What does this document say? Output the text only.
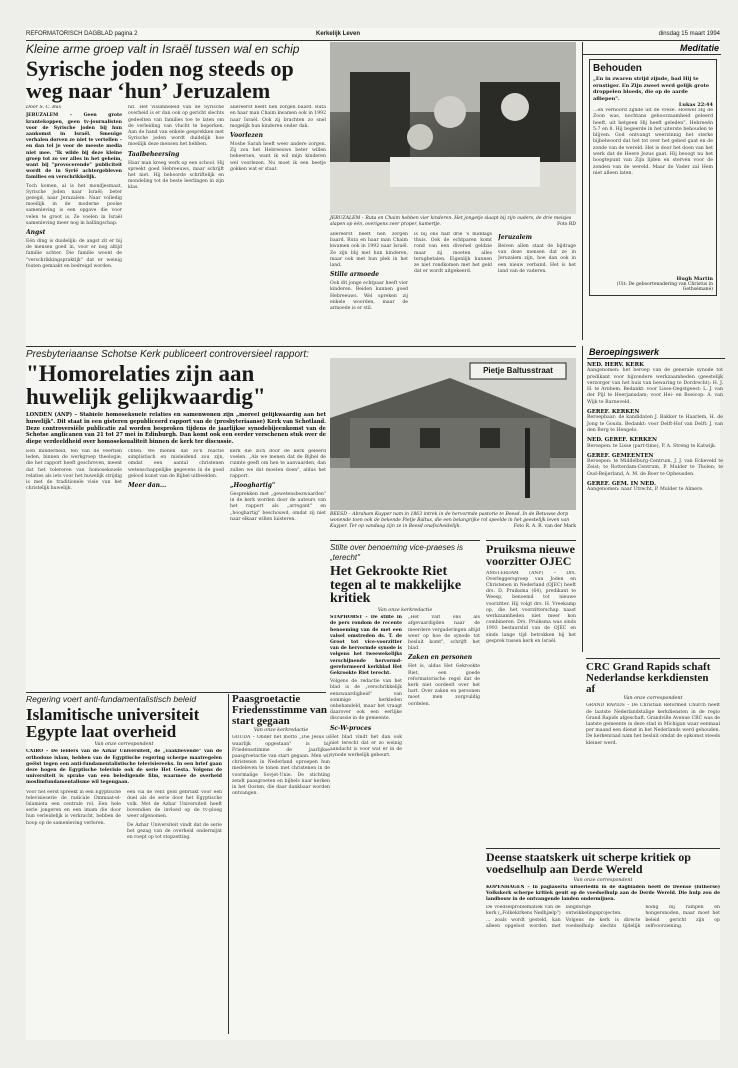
REFORMATORISCH DAGBLAD pagina 2	Kerkelijk Leven	dinsdag 15 maart 1994
Kleine arme groep valt in Israël tussen wal en schip
Syrische joden nog steeds op weg naar ‘hun’ Jeruzalem

Door S. C. Bax

JERUZALEM – Geen grote krantekoppen, geen tv-journalisten voor de Syrische joden bij hun aankomst in Israël. Smeuïge verhalen dorven ze niet te vertellen – en dan tel je voor de meeste media niet mee. "Ik wilde bij deze kleine groep tot zo ver alles in het geheim, want bij "provocerende" publiciteit wordt de in Syrië achtergebleven families en verschrikkelijk.

Toch komen, al is het mondjesmaat, Syrische joden naar Israël; beter gezegd, naar Jeruzalem. Naar volledig moeilijk in de moderne poolse samenleving is een opgave die voor velen te groot is. Ze voelen in Israël samenleving meer nog in ballingschap.

Angst

Eén ding is duidelijk: de angst zit er bij de mensen goed in, voor er nog altijd familie achter. Die familie woont de "verschrikkingspraktijk" dat er weinig fouten gemaakt en bedreigd worden.

nit. Het visumbeleid van de Syrische overheid is er dan ook op gericht slechts gedeelten van families toe te laten om de verleiding van vlucht te beperken. Aan de hand van enkele gesprekken met Syrische joden wordt duidelijk hoe moeilijk deze mensen het hebben.

Taalbeheersing

Haar man kreeg werk op een school. Hij spreekt goed Hebreeuws, maar schrijft het niet. Hij behoorde schriftelijk en mondeling tot de beste leerlingen in zijn klas.

allereerst heeft hen zorgen baard. Ruta en haar man Chaim kwamen ook in 1992 naar Israël. Ook zij brachten zo snel mogelijk hun kinderen onder dak.

Voorlezen

Moshe Sarah heeft weer andere zorgen. Zij zou het Hebreeuws beter willen beheersen, want ik wil mijn kinderen wel voorlezen. Nu moet ik een beetje gokken wat er staat.

JERUZALEM – Ruta en Chaim hebben vier kinderen. Het jongetje slaapt bij zijn ouders, de drie meisjes slapen op één, overigens zeer proper, kamertje.	Foto RD

allereerst heeft hen zorgen baard. Ruta en haar man Chaim kwamen ook in 1992 naar Israël. Ze zijn blij met hun kinderen, maar ook met hun plek in het land.

Stille armoede

Ook dit jonge echtpaar heeft vier kinderen. Beiden kunnen goed Hebreeuws. Wel spreken zij enkele woorden, maar de armoede is er stil.

is bij ons half drie 's middags thuis. Ook de echtparen komt rond van een diversel geldzie maar zij moeten alles terugbetalen. Eigenlijk kunnen ze niet rondkomen met het geld dat er wordt uitgekeerd.

Jeruzalem

Beiven allen staat de bijdrage van deze mensen dat ze in Jeruzalem zijn, hoe dan ook in een nieuw verband. Het is het land van de vaderen.

Meditatie
Behouden
„En in zwaren strijd zijnde, bad Hij te ernstiger. En Zijn zweet werd gelijk grote droppelen bloeds, die op de aarde afliepen".
Lukas 22:44
...en verhoord zijnde uit de vreze. Hoewel Hij de Zoon was, nochtans gehoorzaamheid geleerd heeft, uit hetgeen Hij heeft geleden", Hebreeën 5:7 en 8. Hij begeerde in het uiterste behouden te blijven. God ontvangt weerzinnig het sterke bijbelwoord dat het tot over het gebed gaat en de zonde van de wereld. Het is door het doen van het werk dat de Heere Jezus gaat. Hij beoogt nu het hoogtepunt van Zijn lijden en sterven voor de zonden van de wereld. Maar de Vader zal Hem niet alleen laten.
Hugh Martin
(Uit: De geboortenadering van Christus in Gethsémané)
Beroepingswerk
NED. HERV. KERK
Aangenomen: het beroep van de generale synode tot predikant voor bijzondere werkzaamheden (geestelijk verzorger van het huis van bewaring te Dordrecht): H. J. H. te Arnhem. Bedankt: voor Lisse-Oegstgeest: L. J. van der Pijl te Heerjansdam; voor Hei- en Boeicop: A. van Wijk te Barneveld.
GEREF. KERKEN
Beroepbaar: de kandidaten J. Bakker te Haarlem, H. de Jong te Gouda. Bedankt: voor Delft-Hof van Delft: J. van den Berg te Hengelo.
NED. GEREF. KERKEN
Beroepen: te Lisse (part-time), P. A. Streng te Katwijk.
GEREF. GEMEENTEN
Beroepen: te Middelburg-Centrum, J. J. van Eckeveld te Zeist; te Rotterdam-Centrum, P. Mulder te Tholen; te Oud-Beijerland, A. M. de Boer te Opheusden.
GEREF. GEM. IN NED.
Aangenomen: naar Utrecht, P. Mulder te Almere.
Presbyteriaanse Schotse Kerk publiceert controversieel rapport:
"Homorelaties zijn aan huwelijk gelijkwaardig"
LONDEN (ANP) – Stabiele homoseksuele relaties en samenwonen zijn „moreel gelijkwaardig aan het huwelijk". Dit staat in een gisteren gepubliceerd rapport van de (presbyteriaanse) Kerk van Schotland. Deze controversiële publicatie zal worden besproken tijdens de jaarlijkse synodebijeenkomst van de Schotse anglicanen van 21 tot 27 mei in Edinburgh. Dan komt ook een eerder verschenen stuk over de diepe verdeeldheid over homoseksualiteit binnen de kerk ter discussie.

Een minderheid, ten van de veertien leden, binnen de werkgroep theologie, die het rapport heeft geschreven, meent dat het tolereren van homoseksuele relaties als iets voor het huwelijk strijdig is met de traditionele visie van het christelijk huwelijk.

chten. We menen dat zo'n reactie simplistisch en misleidend zou zijn, omdat een aantal christenen wetenschappelijke gegevens in de goed gelood kunst van de Bijbel uitbeelden.

Meer dan...

kerk die zich door de kerk geleerd voelen. „Als we menen dat de Bijbel de ruimte geeft om hen te aanvaarden, dan zullen we dat moeten doen", aldus het rapport.

„Hooghartig"

Gesprekken met „gewetensbezwaarden" in de kerk worden door de auteurs van het rapport als „arrogant" en „hooghartig" beschouwd, omdat zij niet naar elkaar willen luisteren.

Pietje Baltusstraat
BEESD – Abraham Kuyper nam in 1863 intrek in de hervormde pastorie te Beesd. In de Betuwse dorp wonende toen ook de bekende Pietje Baltus, die een belangrijke rol speelde in het geestelijk leven van Kuyper. Ter op vandaag zijn ze in Beesd onafscheidelijk.	Foto R. A. R. van der Mark
Stilte over benoeming vice-praeses is „terecht"
Het Gekrookte Riet tegen al te makkelijke kritiek
Van onze kerkredactie

STAPHORST – De stilte in de pers rondom de recente benoeming van de met een valsel omstreden ds. T. de Groot tot vice-voorzitter van de hervormde synode is volgens het tweewekelijks verschijnende hervormd-gereformeerd kerkblad Het Gekrookte Riet terecht.

Volgens de redactie van het blad is de „verschrikkelijk eenzwaardigheid" van sommige kerkleden onbehandeld, maar het vraagt daarover ook een eerlijke discussie in de gemeente.

Sc-W-proces

Het blad vindt het dan ook niet terecht dat er zo weinig aandacht is voor wat er in de synode werkelijk gebeurt.

„Het valt ons als afgevaardigden naar de meerdere vergaderingen altijd weer op hoe de synode tot besluit komt", schrijft het blad.

Zaken en personen

Het is, aldus Het Gekrookte Riet, een goede reformatorische regel dat de kerk niet oordeelt over het hart. Over zaken en personen moet men zorgvuldig oordelen.

Pruiksma nieuwe voorzitter OJEC
AMSTERDAM (ANP) – Drs. Overleggersgroep van Joden en Christenen in Nederland (OJEC) heeft drs. D. Pruiksma (64), predikant te Weesp, benoemd tot nieuwe voorzitter. Hij volgt drs. H. Vreekamp op, die het voorzitterschap naast werkzaamheden niet meer kon combineren. Drs. Pruiksma was sinds 1993 bestuurslid van de OJEC en sinds lange tijd betrokken bij het gesprek tussen kerk en Israël.
CRC Grand Rapids schaft Nederlandse kerkdiensten af
Van onze correspondent
GRAND RAPIDS – De Christian Reformed Church heeft de laatste Nederlandstalige kerkdiensten in de regio Grand Rapids afgeschaft. Grandville Avenue CRC was de laatste gemeente in deze stad in Michigan waar eenmaal per maand een dienst in het Nederlands werd gehouden. De kerkenraad nam het besluit omdat de opkomst steeds kleiner werd.
Regering voert anti-fundamentalistisch beleid
Islamitische universiteit Egypte laat overheid
Van onze correspondent
CAIRO – De leiders van de Azhar Universiteit, de „vaaklievende" van de orthodoxe islam, hebben van de Egyptische regering scherpe maatregelen geëist tegen een anti-fundamentalistische televisiereeks. In een brief gaan deze hogen de Egyptische televisie ook de serie Het Gesta. Volgens de universiteit is sprake van een beledigende film, waarmee de overheid moslimfundamentalisme wil tegengaan.

Voor het eerst spreekt in een Egyptische televisieserie de radicale Ommaat-el-Islamieta een centrale rol. Een hele serie jongeren en een imam die door hun verleidelijk is verkracht, hebben de hoop op de samenleving verloren.

een via de vent geld gebruikt voor een duel als de serie door het Egyptische volk. Met de Azhar Universiteit heeft bovendien de invloed op de tv-ploeg weer afgenomen.

De Azhar Universiteit vindt dat de serie het gezag van de overheid ondermijnt en roept op tot stopzetting.

Paasgroetactie Friedensstimme van start gegaan
Van onze kerkredactie
GOUDA – Onder het motto „Die Jesus is waarlijk opgestaan" is bij Friedensstimme de jaarlijkse paasgroetactie van start gegaan. Men wil christenen in Nederland oproepen hun medeleven te tonen met christenen in de voormalige Sovjet-Unie. De stichting zendt paasgroeten en bijbels naar kerken in het Oosten, die daar dankbaar worden ontvangen.
Deense staatskerk uit scherpe kritiek op voedselhulp aan Derde Wereld
Van onze correspondent
KOPENHAGEN – In pagiaseria uitoeriedin in de dagbladen heeft de Deense (lutherse) Volkskerk scherpe kritiek geuit op de voedselhulp aan de Derde Wereld. Die hulp zou de landbouw in de ontvangende landen ondermijnen.
De voedselproblematiek van de kerk („Folkekirkens Nødhjælp") ... zoals wordt gesteld, kan alleen opgelost worden met langdurige ontwikkelingsprojecten. Volgens de kerk is directe voedselhulp slechts tijdelijk nodig bij rampen en hongersnoden, maar moet het beleid gericht zijn op zelfvoorziening.
